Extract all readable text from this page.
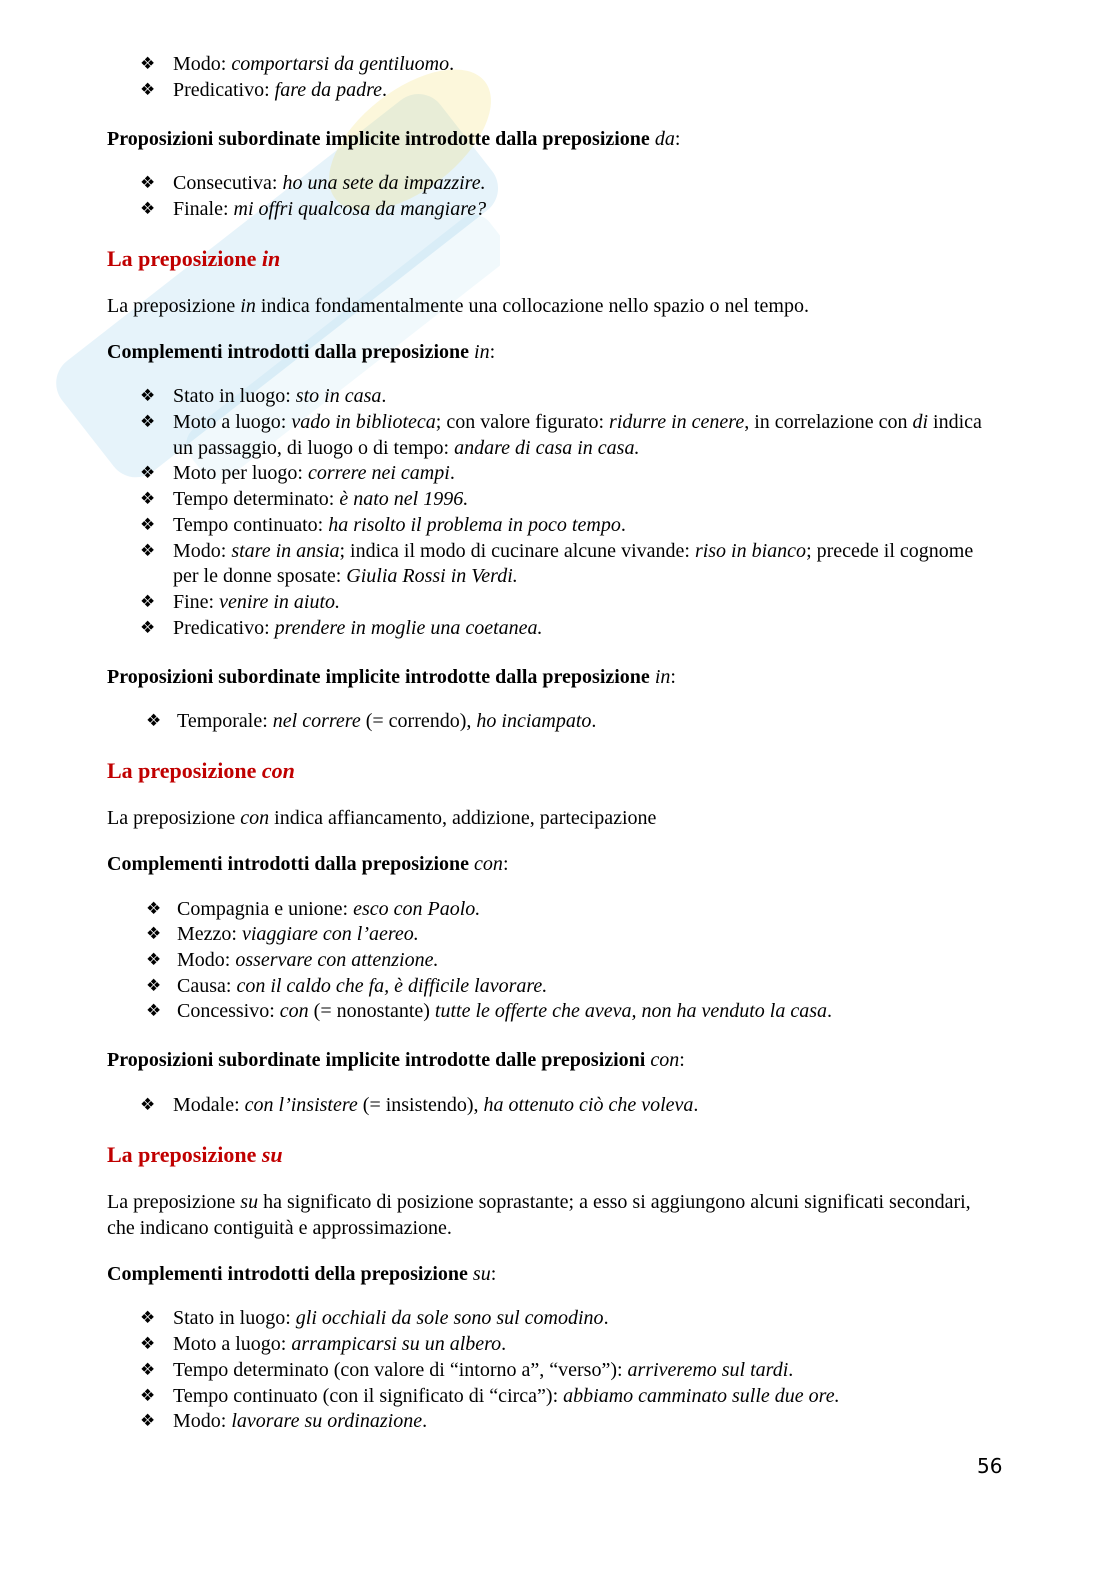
❖
Modo: comportarsi da gentiluomo.
❖
Predicativo: fare da padre.

Proposizioni subordinate implicite introdotte dalla preposizione da:

❖
Consecutiva: ho una sete da impazzire.
❖
Finale: mi offri qualcosa da mangiare?
La preposizione in

La preposizione in indica fondamentalmente una collocazione nello spazio o nel tempo.

Complementi introdotti dalla preposizione in:

❖
Stato in luogo: sto in casa.
❖
Moto a luogo: vado in biblioteca; con valore figurato: ridurre in cenere, in correlazione con di indica un passaggio, di luogo o di tempo: andare di casa in casa.
❖
Moto per luogo: correre nei campi.
❖
Tempo determinato: è nato nel 1996.
❖
Tempo continuato: ha risolto il problema in poco tempo.
❖
Modo: stare in ansia; indica il modo di cucinare alcune vivande: riso in bianco; precede il cognome per le donne sposate: Giulia Rossi in Verdi.
❖
Fine: venire in aiuto.
❖
Predicativo: prendere in moglie una coetanea.

Proposizioni subordinate implicite introdotte dalla preposizione in:

❖
Temporale: nel correre (= correndo), ho inciampato.
La preposizione con

La preposizione con indica affiancamento, addizione, partecipazione

Complementi introdotti dalla preposizione con:

❖
Compagnia e unione: esco con Paolo.
❖
Mezzo: viaggiare con l’aereo.
❖
Modo: osservare con attenzione.
❖
Causa: con il caldo che fa, è difficile lavorare.
❖
Concessivo: con (= nonostante) tutte le offerte che aveva, non ha venduto la casa.

Proposizioni subordinate implicite introdotte dalle preposizioni con:

❖
Modale: con l’insistere (= insistendo), ha ottenuto ciò che voleva.
La preposizione su

La preposizione su ha significato di posizione soprastante; a esso si aggiungono alcuni significati secondari, che indicano contiguità e approssimazione.

Complementi introdotti della preposizione su:

❖
Stato in luogo: gli occhiali da sole sono sul comodino.
❖
Moto a luogo: arrampicarsi su un albero.
❖
Tempo determinato (con valore di “intorno a”, “verso”): arriveremo sul tardi.
❖
Tempo continuato (con il significato di “circa”): abbiamo camminato sulle due ore.
❖
Modo: lavorare su ordinazione.
56
